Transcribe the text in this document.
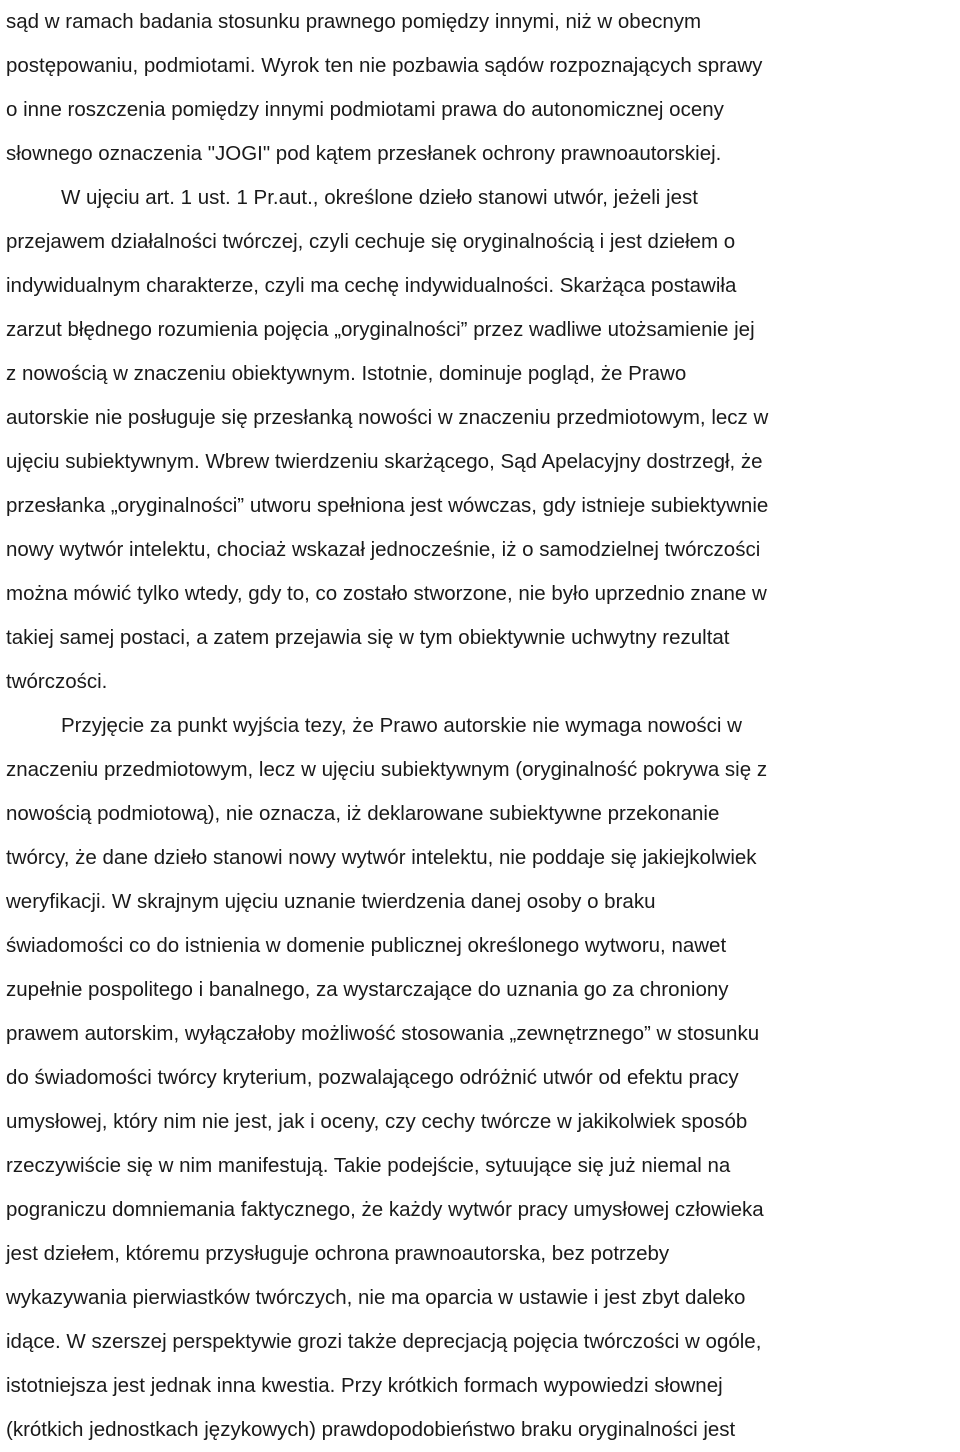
sąd w ramach badania stosunku prawnego pomiędzy innymi, niż w obecnym
postępowaniu, podmiotami. Wyrok ten nie pozbawia sądów rozpoznających sprawy
o inne roszczenia pomiędzy innymi podmiotami prawa do autonomicznej oceny
słownego oznaczenia "JOGI" pod kątem przesłanek ochrony prawnoautorskiej.
W ujęciu art. 1 ust. 1 Pr.aut., określone dzieło stanowi utwór, jeżeli jest
przejawem działalności twórczej, czyli cechuje się oryginalnością i jest dziełem o
indywidualnym charakterze, czyli ma cechę indywidualności. Skarżąca postawiła
zarzut błędnego rozumienia pojęcia „oryginalności” przez wadliwe utożsamienie jej
z nowością w znaczeniu obiektywnym. Istotnie, dominuje pogląd, że Prawo
autorskie nie posługuje się przesłanką nowości w znaczeniu przedmiotowym, lecz w
ujęciu subiektywnym. Wbrew twierdzeniu skarżącego, Sąd Apelacyjny dostrzegł, że
przesłanka „oryginalności” utworu spełniona jest wówczas, gdy istnieje subiektywnie
nowy wytwór intelektu, chociaż wskazał jednocześnie, iż o samodzielnej twórczości
można mówić tylko wtedy, gdy to, co zostało stworzone, nie było uprzednio znane w
takiej samej postaci, a zatem przejawia się w tym obiektywnie uchwytny rezultat
twórczości.
Przyjęcie za punkt wyjścia tezy, że Prawo autorskie nie wymaga nowości w
znaczeniu przedmiotowym, lecz w ujęciu subiektywnym (oryginalność pokrywa się z
nowością podmiotową), nie oznacza, iż deklarowane subiektywne przekonanie
twórcy, że dane dzieło stanowi nowy wytwór intelektu, nie poddaje się jakiejkolwiek
weryfikacji. W skrajnym ujęciu uznanie twierdzenia danej osoby o braku
świadomości co do istnienia w domenie publicznej określonego wytworu, nawet
zupełnie pospolitego i banalnego, za wystarczające do uznania go za chroniony
prawem autorskim, wyłączałoby możliwość stosowania „zewnętrznego” w stosunku
do świadomości twórcy kryterium, pozwalającego odróżnić utwór od efektu pracy
umysłowej, który nim nie jest, jak i oceny, czy cechy twórcze w jakikolwiek sposób
rzeczywiście się w nim manifestują. Takie podejście, sytuujące się już niemal na
pograniczu domniemania faktycznego, że każdy wytwór pracy umysłowej człowieka
jest dziełem, któremu przysługuje ochrona prawnoautorska, bez potrzeby
wykazywania pierwiastków twórczych, nie ma oparcia w ustawie i jest zbyt daleko
idące. W szerszej perspektywie grozi także deprecjacją pojęcia twórczości w ogóle,
istotniejsza jest jednak inna kwestia. Przy krótkich formach wypowiedzi słownej
(krótkich jednostkach językowych) prawdopodobieństwo braku oryginalności jest
